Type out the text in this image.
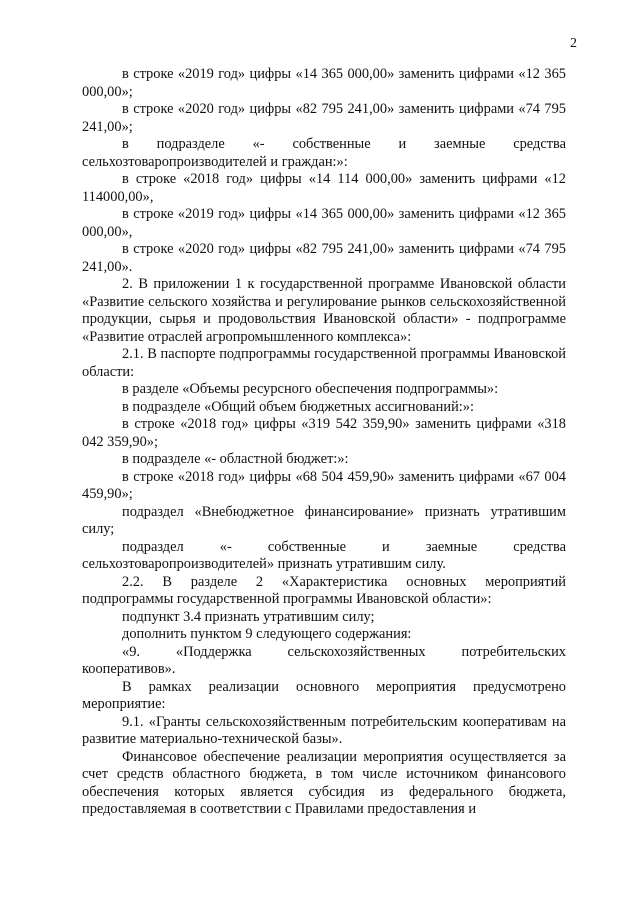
2

в строке «2019 год» цифры «14 365 000,00» заменить цифрами «12 365 000,00»;

в строке «2020 год» цифры «82 795 241,00» заменить цифрами «74 795 241,00»;

в подразделе «- собственные и заемные средства сельхозтоваропроизводителей и граждан:»:

в строке «2018 год» цифры «14 114 000,00» заменить цифрами «12 114000,00»,

в строке «2019 год» цифры «14 365 000,00» заменить цифрами «12 365 000,00»,

в строке «2020 год» цифры «82 795 241,00» заменить цифрами «74 795 241,00».

2. В приложении 1 к государственной программе Ивановской области «Развитие сельского хозяйства и регулирование рынков сельскохозяйственной продукции, сырья и продовольствия Ивановской области» - подпрограмме «Развитие отраслей агропромышленного комплекса»:

2.1. В паспорте подпрограммы государственной программы Ивановской области:

в разделе «Объемы ресурсного обеспечения подпрограммы»:

в подразделе «Общий объем бюджетных ассигнований:»:

в строке «2018 год» цифры «319 542 359,90» заменить цифрами «318 042 359,90»;

в подразделе «- областной бюджет:»:

в строке «2018 год» цифры «68 504 459,90» заменить цифрами «67 004 459,90»;

подраздел «Внебюджетное финансирование» признать утратившим силу;

подраздел «- собственные и заемные средства сельхозтоваропроизводителей» признать утратившим силу.

2.2. В разделе 2 «Характеристика основных мероприятий подпрограммы государственной программы Ивановской области»:

подпункт 3.4 признать утратившим силу;

дополнить пунктом 9 следующего содержания:

«9. «Поддержка сельскохозяйственных потребительских кооперативов».

В рамках реализации основного мероприятия предусмотрено мероприятие:

9.1. «Гранты сельскохозяйственным потребительским кооперативам на развитие материально-технической базы».

Финансовое обеспечение реализации мероприятия осуществляется за счет средств областного бюджета, в том числе источником финансового обеспечения которых является субсидия из федерального бюджета, предоставляемая в соответствии с Правилами предоставления и
